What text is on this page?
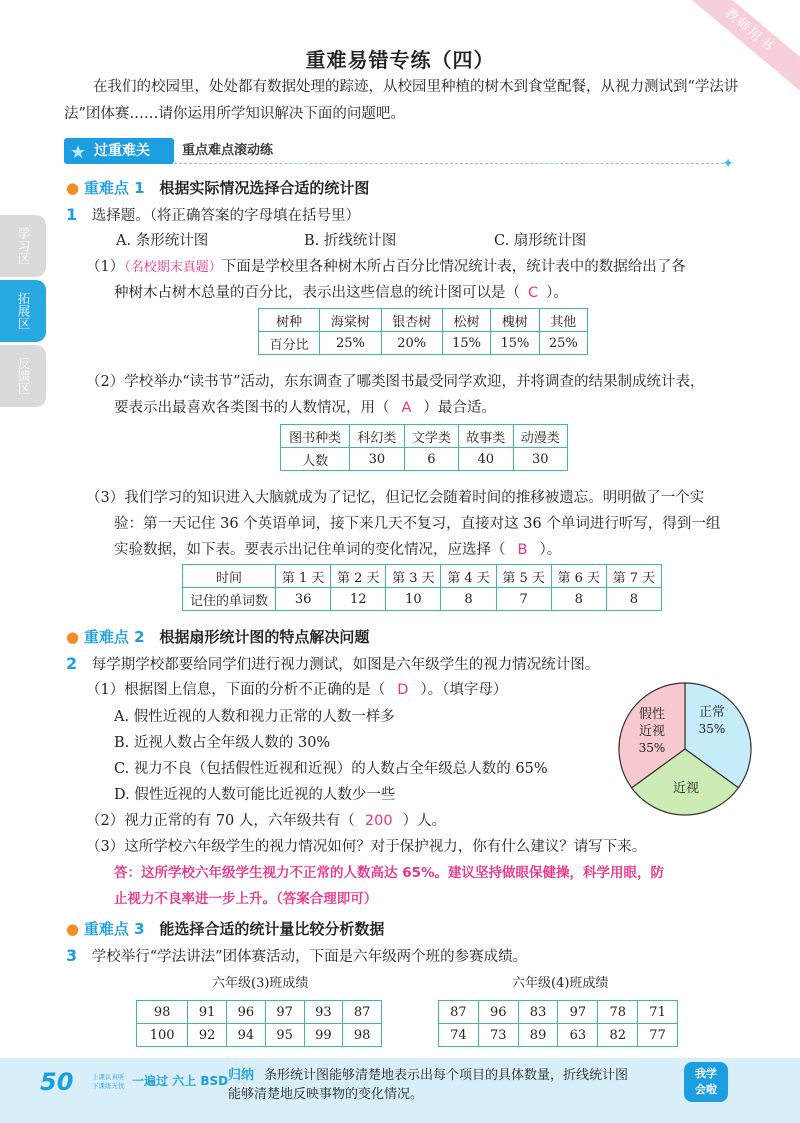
教师用书
学习区
拓展区
反馈区
重难易错专练（四）
在我们的校园里，处处都有数据处理的踪迹，从校园里种植的树木到食堂配餐，从视力测试到“学法讲法”团体赛……请你运用所学知识解决下面的问题吧。
★ 过重难关	重点难点滚动练
✦
● 重难点 1 根据实际情况选择合适的统计图
1 选择题。（将正确答案的字母填在括号里）
A. 条形统计图	B. 折线统计图	C. 扇形统计图
（1）（名校期末真题）下面是学校里各种树木所占百分比情况统计表，统计表中的数据给出了各
种树木占树木总量的百分比，表示出这些信息的统计图可以是（ C ）。
树种	海棠树	银杏树	松树	槐树	其他
百分比	25%	20%	15%	15%	25%
（2）学校举办“读书节”活动，东东调查了哪类图书最受同学欢迎，并将调查的结果制成统计表，
要表示出最喜欢各类图书的人数情况，用（ A ）最合适。
图书种类	科幻类	文学类	故事类	动漫类
人数	30	6	40	30
（3）我们学习的知识进入大脑就成为了记忆，但记忆会随着时间的推移被遗忘。明明做了一个实
验：第一天记住 36 个英语单词，接下来几天不复习，直接对这 36 个单词进行听写，得到一组
实验数据，如下表。要表示出记住单词的变化情况，应选择（ B ）。
时间	第 1 天	第 2 天	第 3 天	第 4 天	第 5 天	第 6 天	第 7 天
记住的单词数	36	12	10	8	7	8	8
● 重难点 2 根据扇形统计图的特点解决问题
2 每学期学校都要给同学们进行视力测试，如图是六年级学生的视力情况统计图。
（1）根据图上信息，下面的分析不正确的是（ D ）。（填字母）
A. 假性近视的人数和视力正常的人数一样多
B. 近视人数占全年级人数的 30%
C. 视力不良（包括假性近视和近视）的人数占全年级总人数的 65%
D. 假性近视的人数可能比近视的人数少一些
正常
35%
假性
近视
35%
近视
（2）视力正常的有 70 人，六年级共有（ 200 ）人。
（3）这所学校六年级学生的视力情况如何？对于保护视力，你有什么建议？请写下来。
答：这所学校六年级学生视力不正常的人数高达 65%。建议坚持做眼保健操，科学用眼，防
止视力不良率进一步上升。（答案合理即可）
● 重难点 3 能选择合适的统计量比较分析数据
3 学校举行“学法讲法”团体赛活动，下面是六年级两个班的参赛成绩。
六年级(3)班成绩	六年级(4)班成绩
98	91	96	97	93	87
100	92	94	95	99	98
87	96	83	97	78	71
74	73	89	63	82	77
50	上课认真听
下课练无忧 一遍过 六上 BSD 归纳 条形统计图能够清楚地表示出每个项目的具体数量，折线统计图
能够清楚地反映事物的变化情况。
我学
会啦
